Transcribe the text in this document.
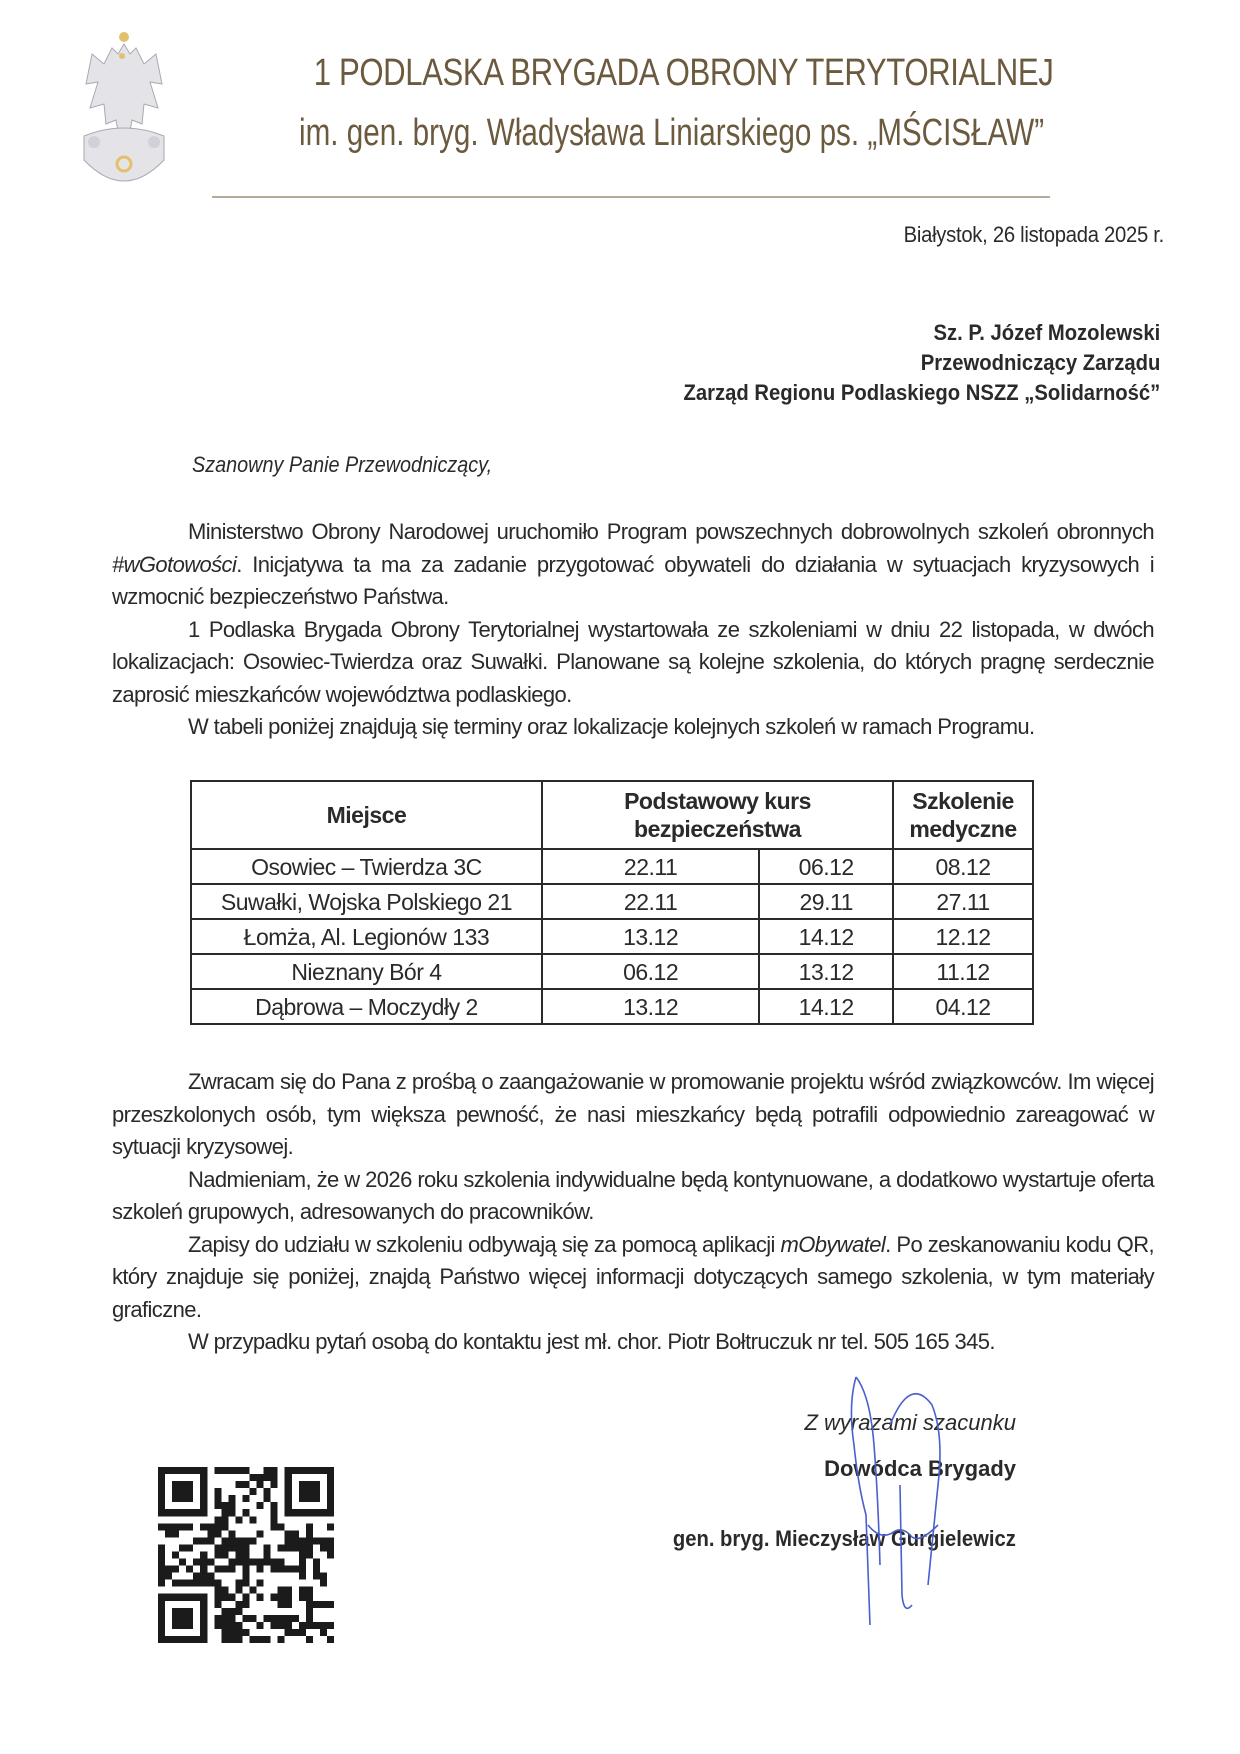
1 PODLASKA BRYGADA OBRONY TERYTORIALNEJ
im. gen. bryg. Władysława Liniarskiego ps. „MŚCISŁAW”
Białystok, 26 listopada 2025 r.
Sz. P. Józef Mozolewski
Przewodniczący Zarządu
Zarząd Regionu Podlaskiego NSZZ „Solidarność”
Szanowny Panie Przewodniczący,

Ministerstwo Obrony Narodowej uruchomiło Program powszechnych dobrowolnych szkoleń obronnych #wGotowości. Inicjatywa ta ma za zadanie przygotować obywateli do działania w sytuacjach kryzysowych i wzmocnić bezpieczeństwo Państwa.

1 Podlaska Brygada Obrony Terytorialnej wystartowała ze szkoleniami w dniu 22 listopada, w dwóch lokalizacjach: Osowiec-Twierdza oraz Suwałki. Planowane są kolejne szkolenia, do których pragnę serdecznie zaprosić mieszkańców województwa podlaskiego.

W tabeli poniżej znajdują się terminy oraz lokalizacje kolejnych szkoleń w ramach Programu.

Miejsce	Podstawowy kurs bezpieczeństwa		Szkolenie medyczne
Osowiec – Twierdza 3C	22.11	06.12	08.12
Suwałki, Wojska Polskiego 21	22.11	29.11	27.11
Łomża, Al. Legionów 133	13.12	14.12	12.12
Nieznany Bór 4	06.12	13.12	11.12
Dąbrowa – Moczydły 2	13.12	14.12	04.12

Zwracam się do Pana z prośbą o zaangażowanie w promowanie projektu wśród związkowców. Im więcej przeszkolonych osób, tym większa pewność, że nasi mieszkańcy będą potrafili odpowiednio zareagować w sytuacji kryzysowej.

Nadmieniam, że w 2026 roku szkolenia indywidualne będą kontynuowane, a dodatkowo wystartuje oferta szkoleń grupowych, adresowanych do pracowników.

Zapisy do udziału w szkoleniu odbywają się za pomocą aplikacji mObywatel. Po zeskanowaniu kodu QR, który znajduje się poniżej, znajdą Państwo więcej informacji dotyczących samego szkolenia, w tym materiały graficzne.

W przypadku pytań osobą do kontaktu jest mł. chor. Piotr Bołtruczuk nr tel. 505 165 345.

Z wyrazami szacunku
Dowódca Brygady
gen. bryg. Mieczysław Gurgielewicz
